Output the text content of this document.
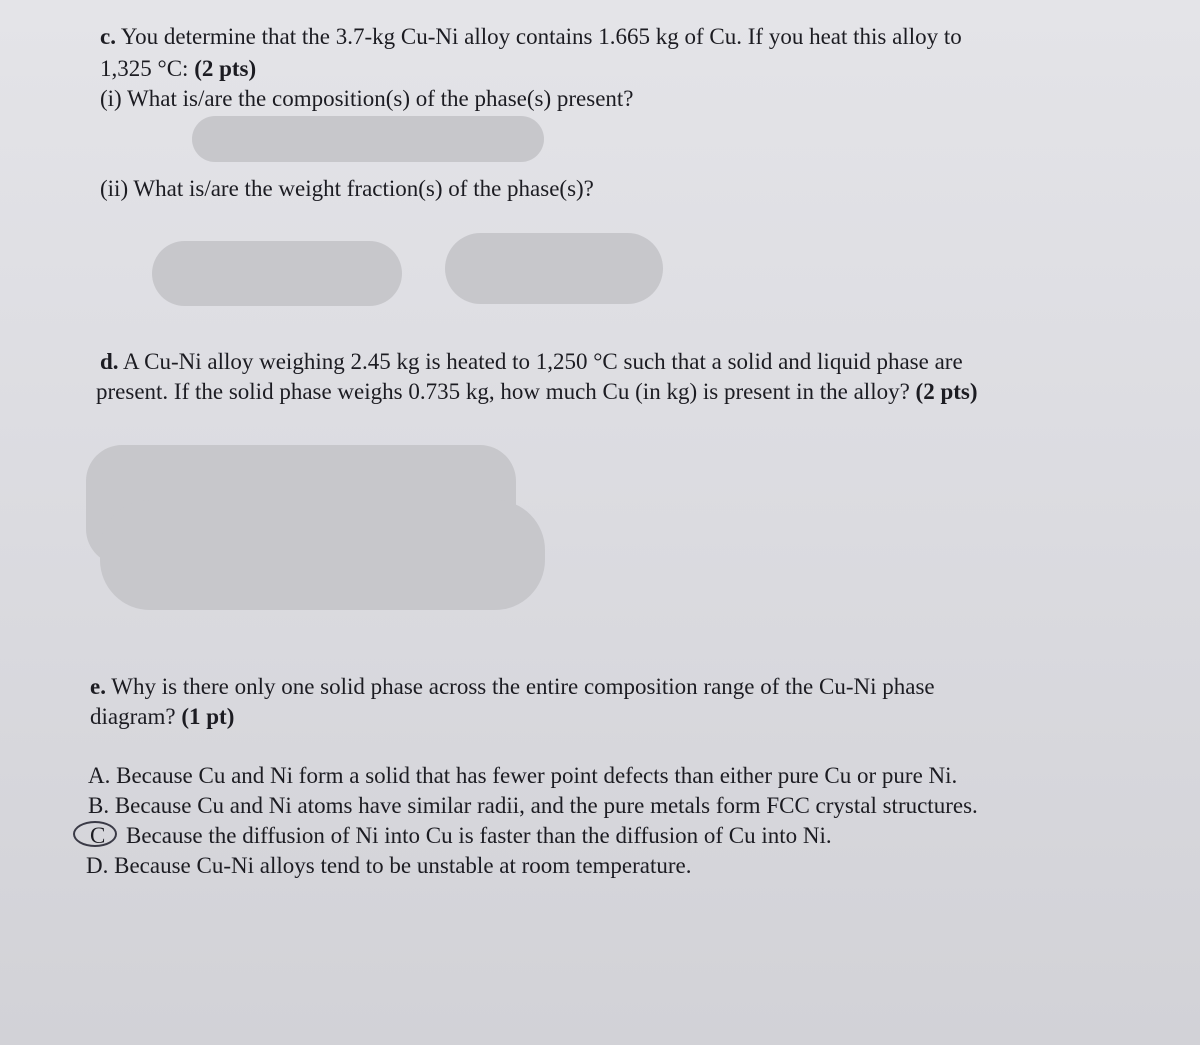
c. You determine that the 3.7-kg Cu-Ni alloy contains 1.665 kg of Cu. If you heat this alloy to
1,325 °C: (2 pts)
(i) What is/are the composition(s) of the phase(s) present?
(ii) What is/are the weight fraction(s) of the phase(s)?
d. A Cu-Ni alloy weighing 2.45 kg is heated to 1,250 °C such that a solid and liquid phase are
present. If the solid phase weighs 0.735 kg, how much Cu (in kg) is present in the alloy? (2 pts)
e. Why is there only one solid phase across the entire composition range of the Cu-Ni phase
diagram? (1 pt)
A. Because Cu and Ni form a solid that has fewer point defects than either pure Cu or pure Ni.
B. Because Cu and Ni atoms have similar radii, and the pure metals form FCC crystal structures.
C Because the diffusion of Ni into Cu is faster than the diffusion of Cu into Ni.
D. Because Cu-Ni alloys tend to be unstable at room temperature.
